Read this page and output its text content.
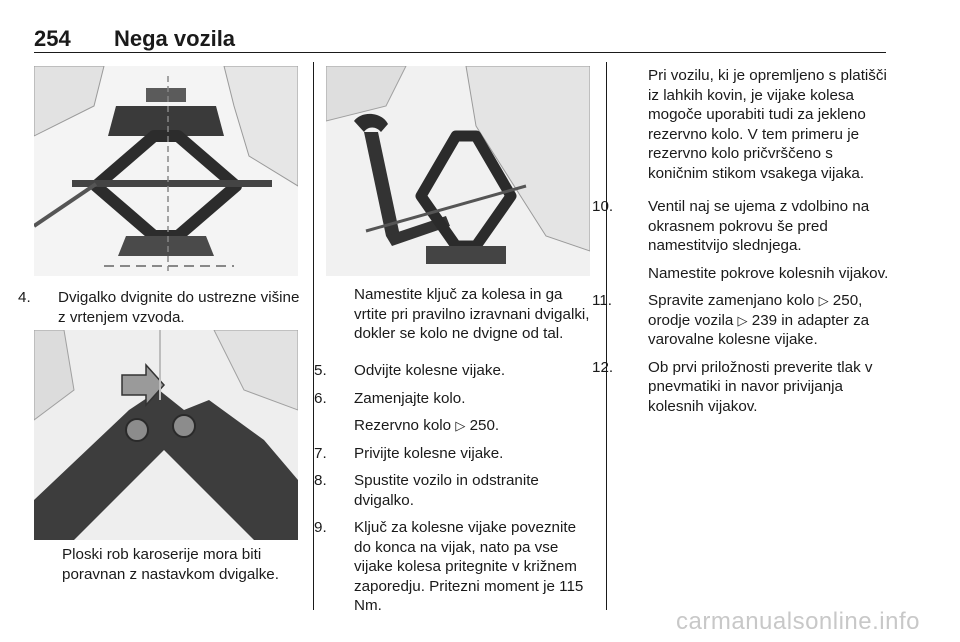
254 Nega vozila

4. Dvigalko dvignite do ustrezne višine z vrtenjem vzvoda.

Ploski rob karoserije mora biti poravnan z nastavkom dvigalke.

Namestite ključ za kolesa in ga vrtite pri pravilno izravnani dvigalki, dokler se kolo ne dvigne od tal.

5. Odvijte kolesne vijake.

6. Zamenjajte kolo.

Rezervno kolo ▷ 250.

7. Privijte kolesne vijake.

8. Spustite vozilo in odstranite dvigalko.

9. Ključ za kolesne vijake poveznite do konca na vijak, nato pa vse vijake kolesa pritegnite v križnem zaporedju. Pritezni moment je 115 Nm.

Pri vozilu, ki je opremljeno s platišči iz lahkih kovin, je vijake kolesa mogoče uporabiti tudi za jekleno rezervno kolo. V tem primeru je rezervno kolo pričvrščeno s koničnim stikom vsakega vijaka.

10. Ventil naj se ujema z vdolbino na okrasnem pokrovu še pred namestitvijo slednjega.

Namestite pokrove kolesnih vijakov.

11. Spravite zamenjano kolo ▷ 250, orodje vozila ▷ 239 in adapter za varovalne kolesne vijake.

12. Ob prvi priložnosti preverite tlak v pnevmatiki in navor privijanja kolesnih vijakov.

carmanualsonline.info
